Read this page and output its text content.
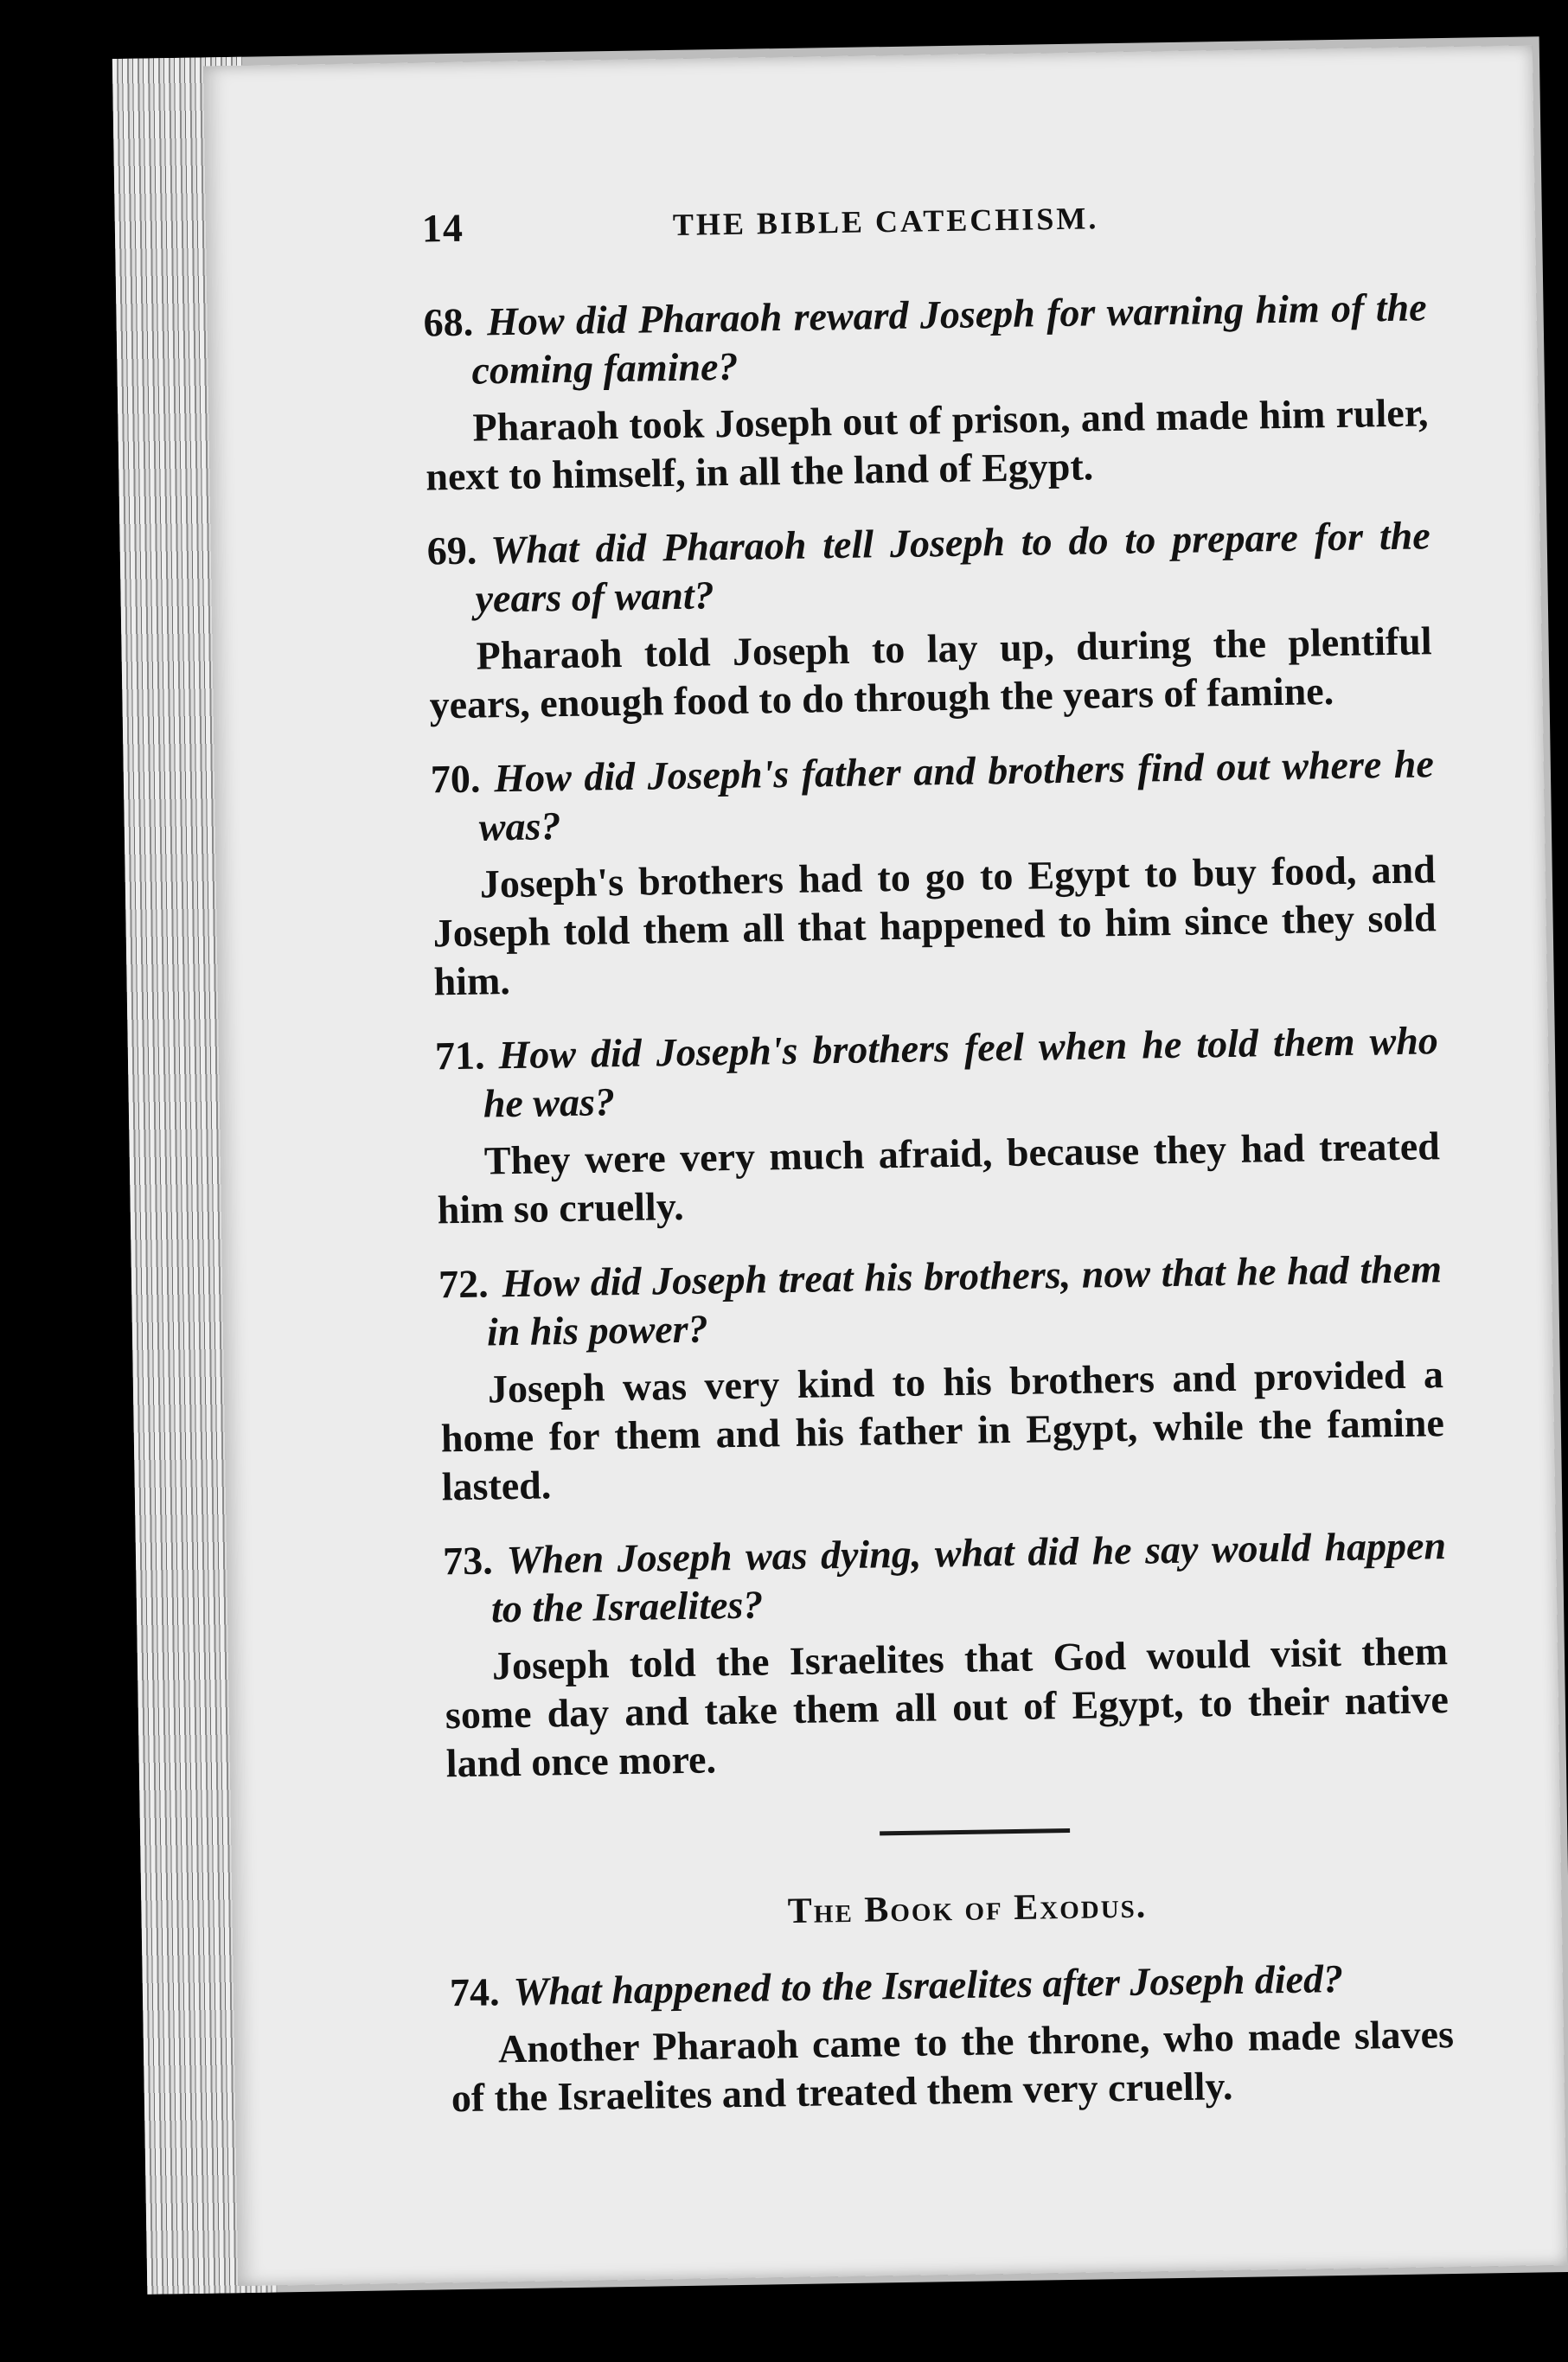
14	THE BIBLE CATECHISM.
68. How did Pharaoh reward Joseph for warning him of the coming famine?
Pharaoh took Joseph out of prison, and made him ruler, next to himself, in all the land of Egypt.
69. What did Pharaoh tell Joseph to do to prepare for the years of want?
Pharaoh told Joseph to lay up, during the plentiful years, enough food to do through the years of famine.
70. How did Joseph's father and brothers find out where he was?
Joseph's brothers had to go to Egypt to buy food, and Joseph told them all that happened to him since they sold him.
71. How did Joseph's brothers feel when he told them who he was?
They were very much afraid, because they had treated him so cruelly.
72. How did Joseph treat his brothers, now that he had them in his power?
Joseph was very kind to his brothers and provided a home for them and his father in Egypt, while the famine lasted.
73. When Joseph was dying, what did he say would happen to the Israelites?
Joseph told the Israelites that God would visit them some day and take them all out of Egypt, to their native land once more.
The Book of Exodus.
74. What happened to the Israelites after Joseph died?
Another Pharaoh came to the throne, who made slaves of the Israelites and treated them very cruelly.
